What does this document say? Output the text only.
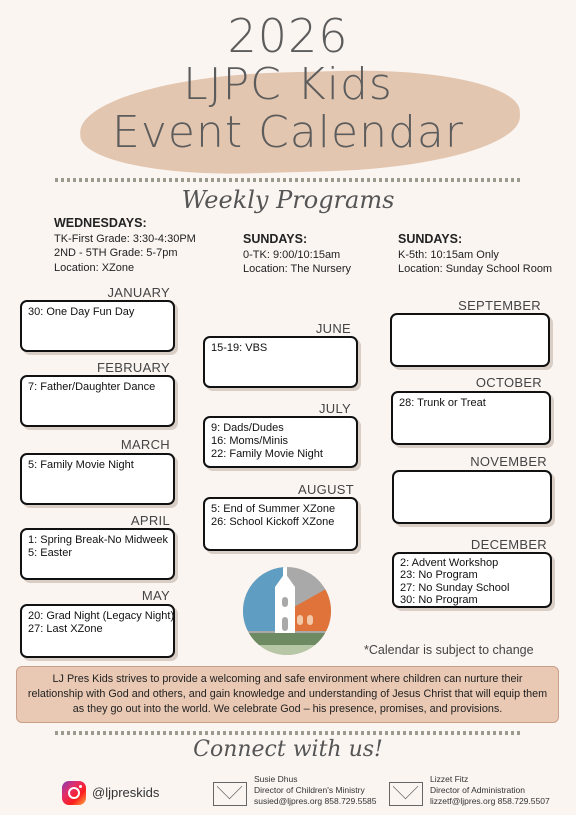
2026
LJPC Kids
Event Calendar
Weekly Programs
WEDNESDAYS:
TK-First Grade: 3:30-4:30PM
2ND - 5TH Grade: 5-7pm
Location: XZone
SUNDAYS:
0-TK: 9:00/10:15am
Location: The Nursery
SUNDAYS:
K-5th: 10:15am Only
Location: Sunday School Room
JANUARY
30: One Day Fun Day
FEBRUARY
7: Father/Daughter Dance
MARCH
5: Family Movie Night
APRIL
1: Spring Break-No Midweek
5: Easter
MAY
20: Grad Night (Legacy Night)
27: Last XZone
JUNE
15-19: VBS
JULY
9: Dads/Dudes
16: Moms/Minis
22: Family Movie Night
AUGUST
5: End of Summer XZone
26: School Kickoff XZone
SEPTEMBER
OCTOBER
28: Trunk or Treat
NOVEMBER
DECEMBER
2: Advent Workshop
23: No Program
27: No Sunday School
30: No Program
*Calendar is subject to change
LJ Pres Kids strives to provide a welcoming and safe environment where children can nurture their relationship with God and others, and gain knowledge and understanding of Jesus Christ that will equip them as they go out into the world. We celebrate God – his presence, promises, and provisions.
Connect with us!
@ljpreskids
Susie Dhus
Director of Children's Ministry
susied@ljpres.org 858.729.5585
Lizzet Fitz
Director of Administration
lizzetf@ljpres.org 858.729.5507
